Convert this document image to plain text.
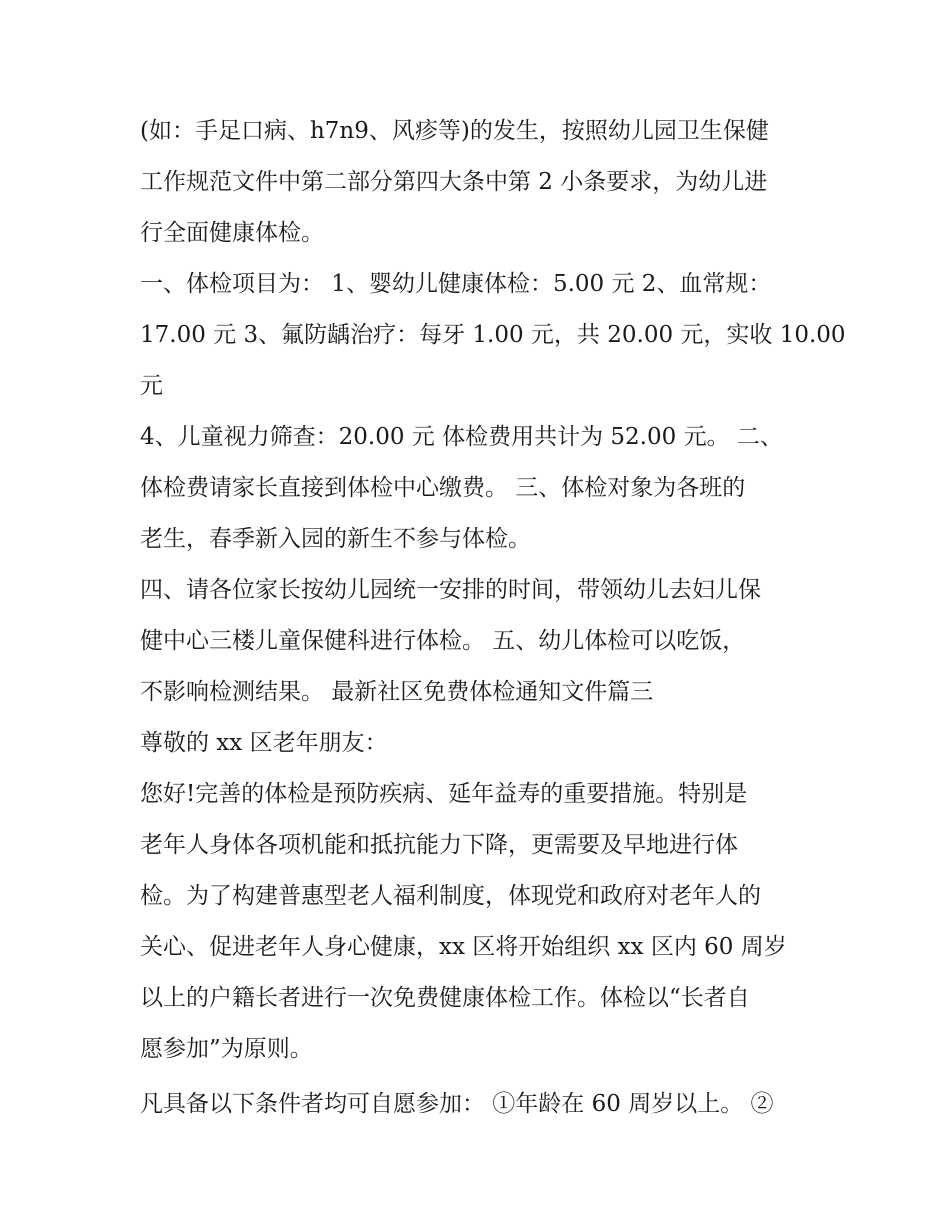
(如：手足口病、h7n9、风疹等)的发生，按照幼儿园卫生保健
工作规范文件中第二部分第四大条中第 2 小条要求，为幼儿进
行全面健康体检。
一、体检项目为： 1、婴幼儿健康体检：5.00 元 2、血常规：
17.00 元 3、氟防龋治疗：每牙 1.00 元，共 20.00 元，实收 10.00
元
4、儿童视力筛查：20.00 元 体检费用共计为 52.00 元。 二、
体检费请家长直接到体检中心缴费。 三、体检对象为各班的
老生，春季新入园的新生不参与体检。
四、请各位家长按幼儿园统一安排的时间，带领幼儿去妇儿保
健中心三楼儿童保健科进行体检。 五、幼儿体检可以吃饭，
不影响检测结果。 最新社区免费体检通知文件篇三
尊敬的 xx 区老年朋友：
您好!完善的体检是预防疾病、延年益寿的重要措施。特别是
老年人身体各项机能和抵抗能力下降，更需要及早地进行体
检。为了构建普惠型老人福利制度，体现党和政府对老年人的
关心、促进老年人身心健康，xx 区将开始组织 xx 区内 60 周岁
以上的户籍长者进行一次免费健康体检工作。体检以“长者自
愿参加”为原则。
凡具备以下条件者均可自愿参加： ①年龄在 60 周岁以上。 ②
